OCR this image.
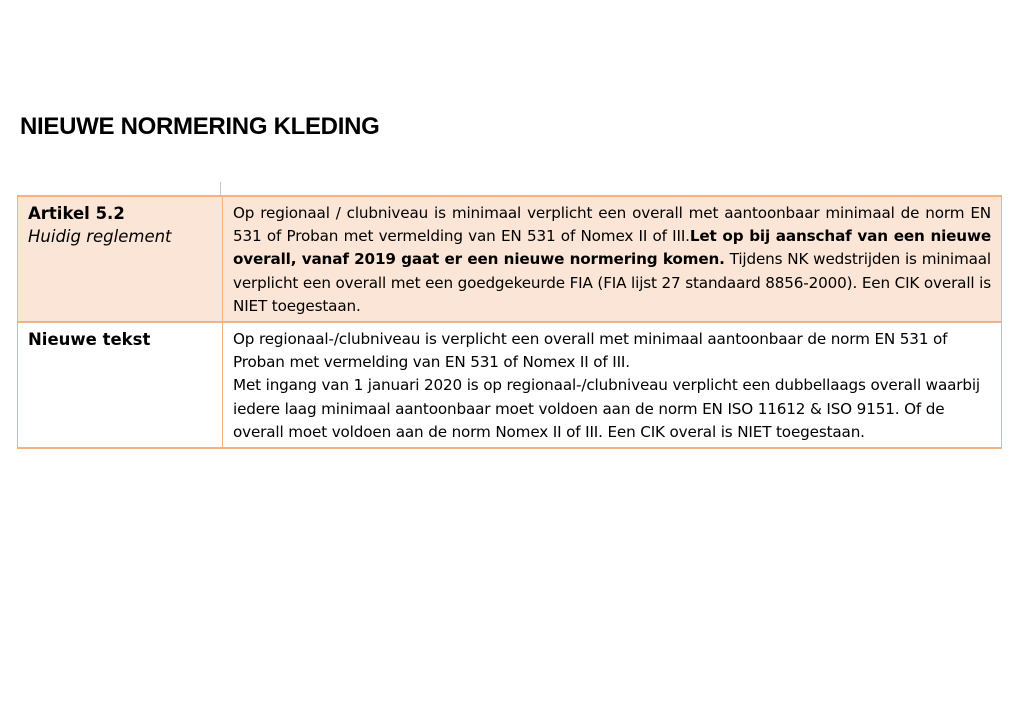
NIEUWE NORMERING KLEDING
Artikel 5.2
Huidig reglement	Op regionaal / clubniveau is minimaal verplicht een overall met aantoonbaar minimaal de norm EN 531 of Proban met vermelding van EN 531 of Nomex II of III.Let op bij aanschaf van een nieuwe overall, vanaf 2019 gaat er een nieuwe normering komen. Tijdens NK wedstrijden is minimaal verplicht een overall met een goedgekeurde FIA (FIA lijst 27 standaard 8856-2000). Een CIK overall is NIET toegestaan.

Nieuwe tekst	Op regionaal-/clubniveau is verplicht een overall met minimaal aantoonbaar de norm EN 531 of Proban met vermelding van EN 531 of Nomex II of III.
Met ingang van 1 januari 2020 is op regionaal-/clubniveau verplicht een dubbellaags overall waarbij iedere laag minimaal aantoonbaar moet voldoen aan de norm EN ISO 11612 & ISO 9151. Of de overall moet voldoen aan de norm Nomex II of III. Een CIK overal is NIET toegestaan.
